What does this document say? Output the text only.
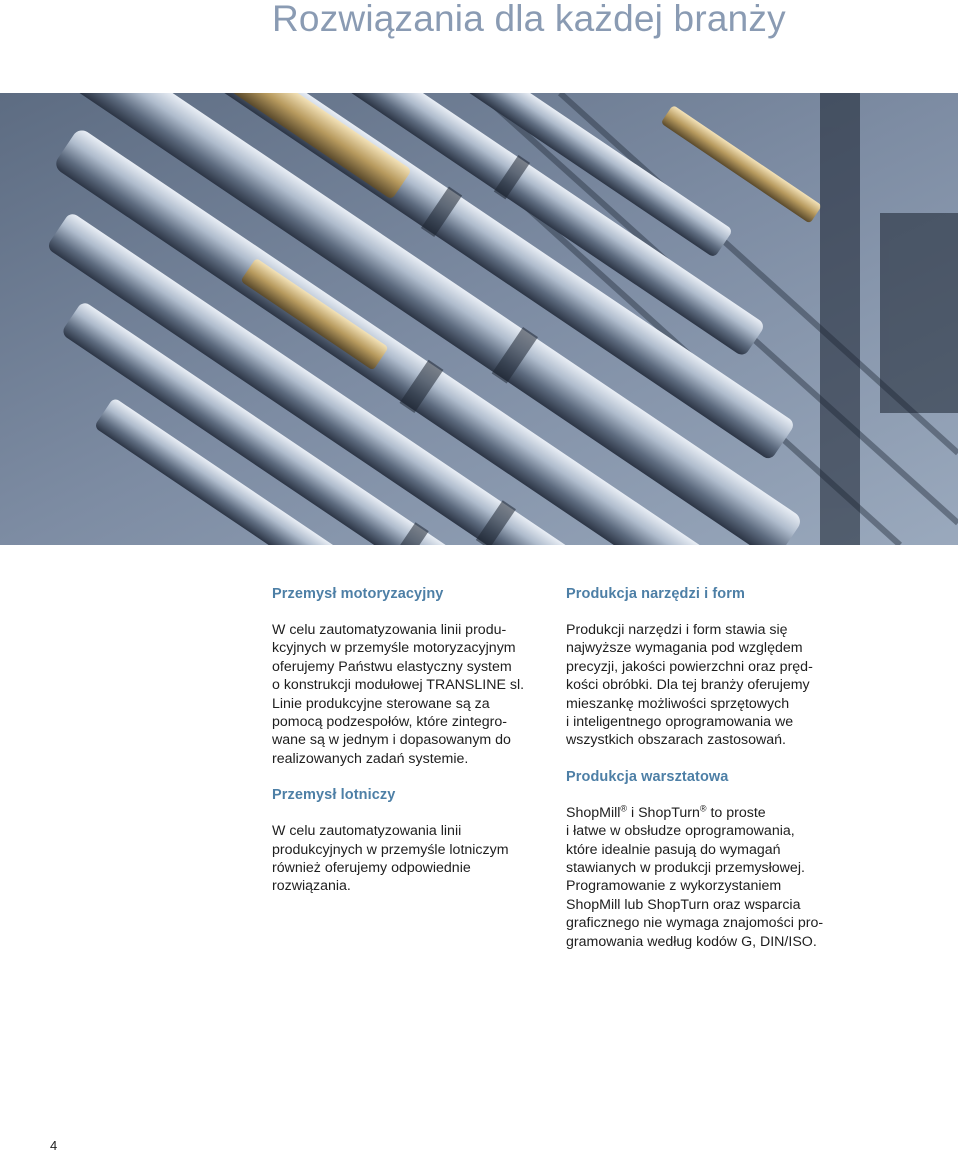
Rozwiązania dla każdej branży
Przemysł motoryzacyjny

W celu zautomatyzowania linii produ-
kcyjnych w przemyśle motoryzacyjnym
oferujemy Państwu elastyczny system
o konstrukcji modułowej TRANSLINE sl.
Linie produkcyjne sterowane są za
pomocą podzespołów, które zintegro-
wane są w jednym i dopasowanym do
realizowanych zadań systemie.

Przemysł lotniczy

W celu zautomatyzowania linii
produkcyjnych w przemyśle lotniczym
również oferujemy odpowiednie
rozwiązania.

Produkcja narzędzi i form

Produkcji narzędzi i form stawia się
najwyższe wymagania pod względem
precyzji, jakości powierzchni oraz pręd-
kości obróbki. Dla tej branży oferujemy
mieszankę możliwości sprzętowych
i inteligentnego oprogramowania we
wszystkich obszarach zastosowań.

Produkcja warsztatowa

ShopMill® i ShopTurn® to proste
i łatwe w obsłudze oprogramowania,
które idealnie pasują do wymagań
stawianych w produkcji przemysłowej.
Programowanie z wykorzystaniem
ShopMill lub ShopTurn oraz wsparcia
graficznego nie wymaga znajomości pro-
gramowania według kodów G, DIN/ISO.

4
